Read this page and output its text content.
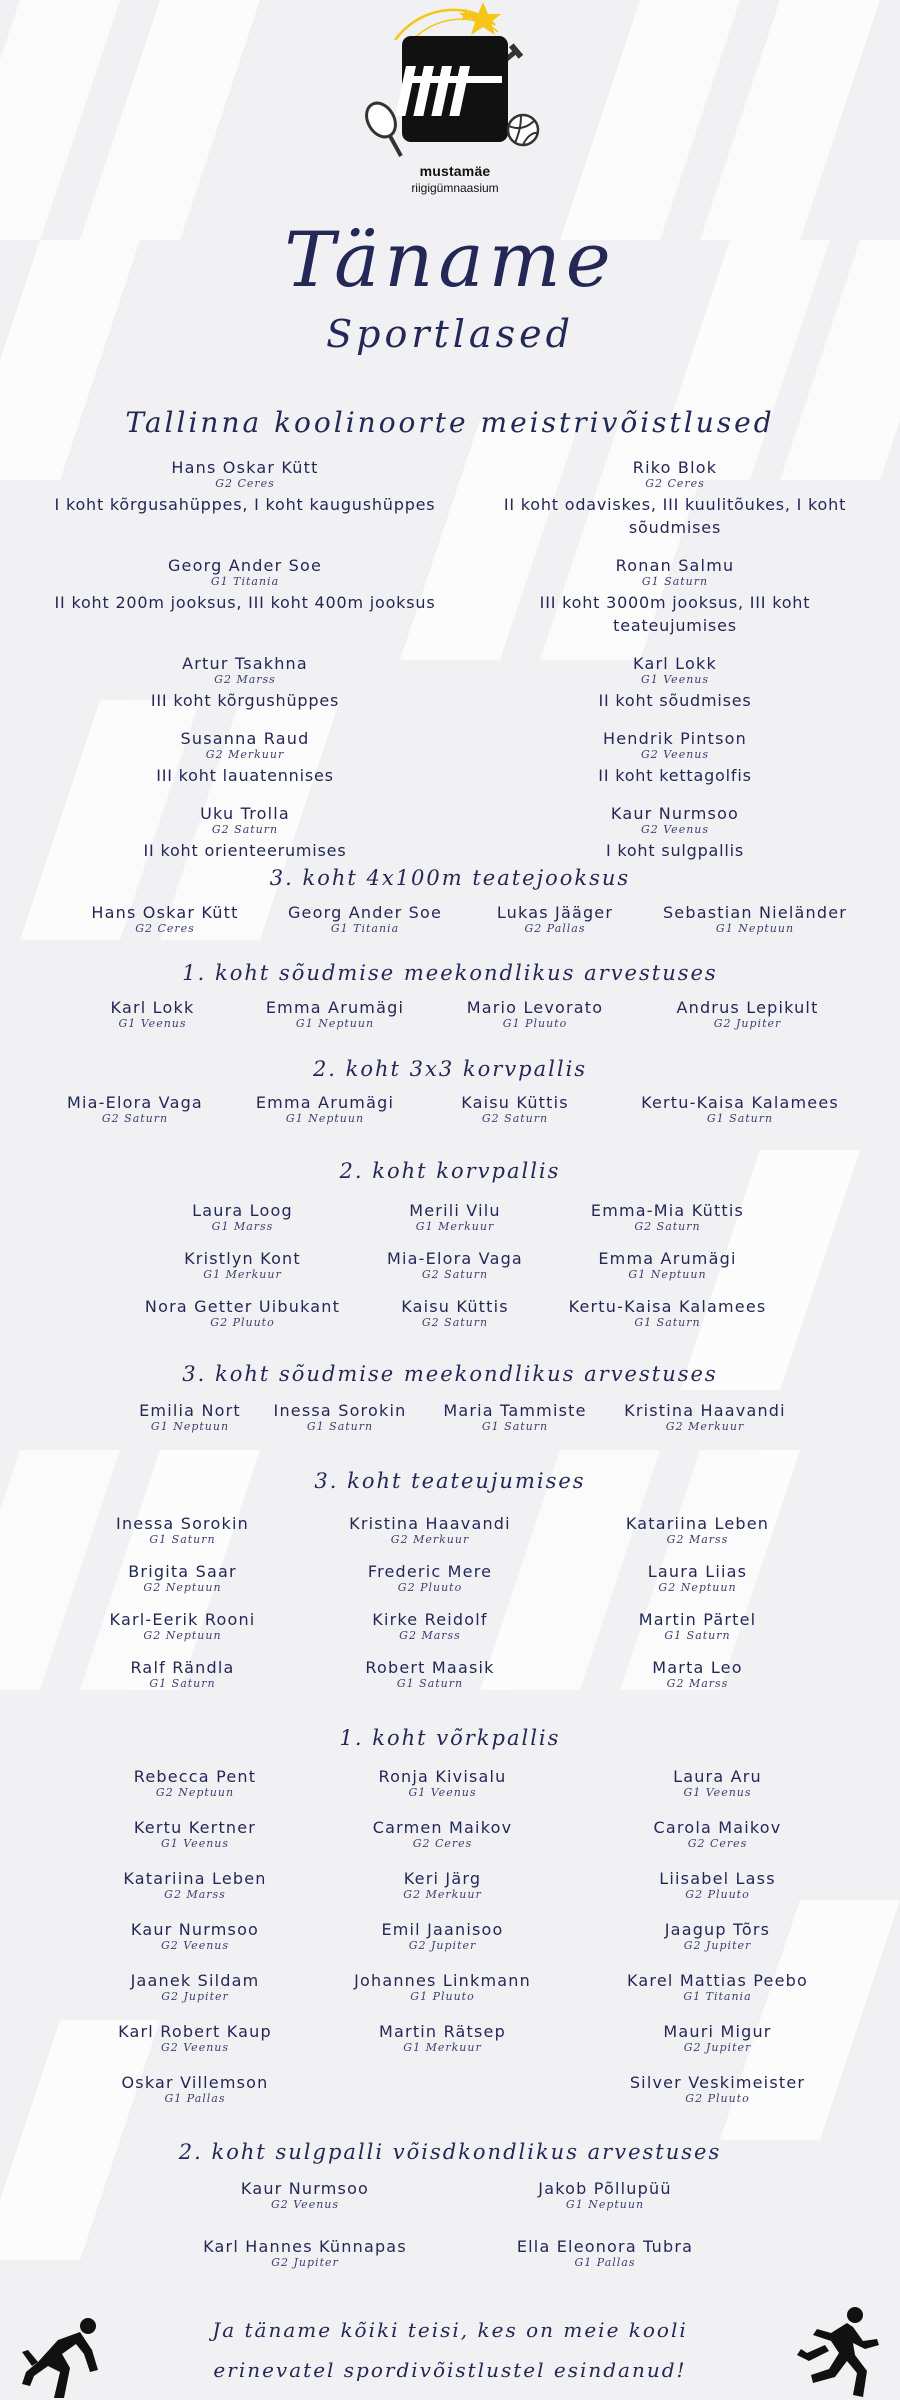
mustamäe
riigigümnaasium
Täname
Sportlased
Tallinna koolinoorte meistrivõistlused
Hans Oskar Kütt
G2 Ceres
I koht kõrgusahüppes, I koht kaugushüppes
Riko Blok
G2 Ceres
II koht odaviskes, III kuulitõukes, I koht sõudmises
Georg Ander Soe
G1 Titania
II koht 200m jooksus, III koht 400m jooksus
Ronan Salmu
G1 Saturn
III koht 3000m jooksus, III koht teateujumises
Artur Tsakhna
G2 Marss
III koht kõrgushüppes
Karl Lokk
G1 Veenus
II koht sõudmises
Susanna Raud
G2 Merkuur
III koht lauatennises
Hendrik Pintson
G2 Veenus
II koht kettagolfis
Uku Trolla
G2 Saturn
II koht orienteerumises
Kaur Nurmsoo
G2 Veenus
I koht sulgpallis
3. koht 4x100m teatejooksus
Hans Oskar Kütt
G2 Ceres
Georg Ander Soe
G1 Titania
Lukas Jääger
G2 Pallas
Sebastian Nieländer
G1 Neptuun
1. koht sõudmise meekondlikus arvestuses
Karl Lokk
G1 Veenus
Emma Arumägi
G1 Neptuun
Mario Levorato
G1 Pluuto
Andrus Lepikult
G2 Jupiter
2. koht 3x3 korvpallis
Mia-Elora Vaga
G2 Saturn
Emma Arumägi
G1 Neptuun
Kaisu Küttis
G2 Saturn
Kertu-Kaisa Kalamees
G1 Saturn
2. koht korvpallis
Laura Loog
G1 Marss
Merili Vilu
G1 Merkuur
Emma-Mia Küttis
G2 Saturn
Kristlyn Kont
G1 Merkuur
Mia-Elora Vaga
G2 Saturn
Emma Arumägi
G1 Neptuun
Nora Getter Uibukant
G2 Pluuto
Kaisu Küttis
G2 Saturn
Kertu-Kaisa Kalamees
G1 Saturn
3. koht sõudmise meekondlikus arvestuses
Emilia Nort
G1 Neptuun
Inessa Sorokin
G1 Saturn
Maria Tammiste
G1 Saturn
Kristina Haavandi
G2 Merkuur
3. koht teateujumises
Inessa Sorokin
G1 Saturn
Kristina Haavandi
G2 Merkuur
Katariina Leben
G2 Marss
Brigita Saar
G2 Neptuun
Frederic Mere
G2 Pluuto
Laura Liias
G2 Neptuun
Karl-Eerik Rooni
G2 Neptuun
Kirke Reidolf
G2 Marss
Martin Pärtel
G1 Saturn
Ralf Rändla
G1 Saturn
Robert Maasik
G1 Saturn
Marta Leo
G2 Marss
1. koht võrkpallis
Rebecca Pent
G2 Neptuun
Ronja Kivisalu
G1 Veenus
Laura Aru
G1 Veenus
Kertu Kertner
G1 Veenus
Carmen Maikov
G2 Ceres
Carola Maikov
G2 Ceres
Katariina Leben
G2 Marss
Keri Järg
G2 Merkuur
Liisabel Lass
G2 Pluuto
Kaur Nurmsoo
G2 Veenus
Emil Jaanisoo
G2 Jupiter
Jaagup Tõrs
G2 Jupiter
Jaanek Sildam
G2 Jupiter
Johannes Linkmann
G1 Pluuto
Karel Mattias Peebo
G1 Titania
Karl Robert Kaup
G2 Veenus
Martin Rätsep
G1 Merkuur
Mauri Migur
G2 Jupiter
Oskar Villemson
G1 Pallas
Silver Veskimeister
G2 Pluuto
2. koht sulgpalli võisdkondlikus arvestuses
Kaur Nurmsoo
G2 Veenus
Jakob Põllupüü
G1 Neptuun
Karl Hannes Künnapas
G2 Jupiter
Ella Eleonora Tubra
G1 Pallas
Ja täname kõiki teisi, kes on meie kooli erinevatel spordivõistlustel esindanud!
